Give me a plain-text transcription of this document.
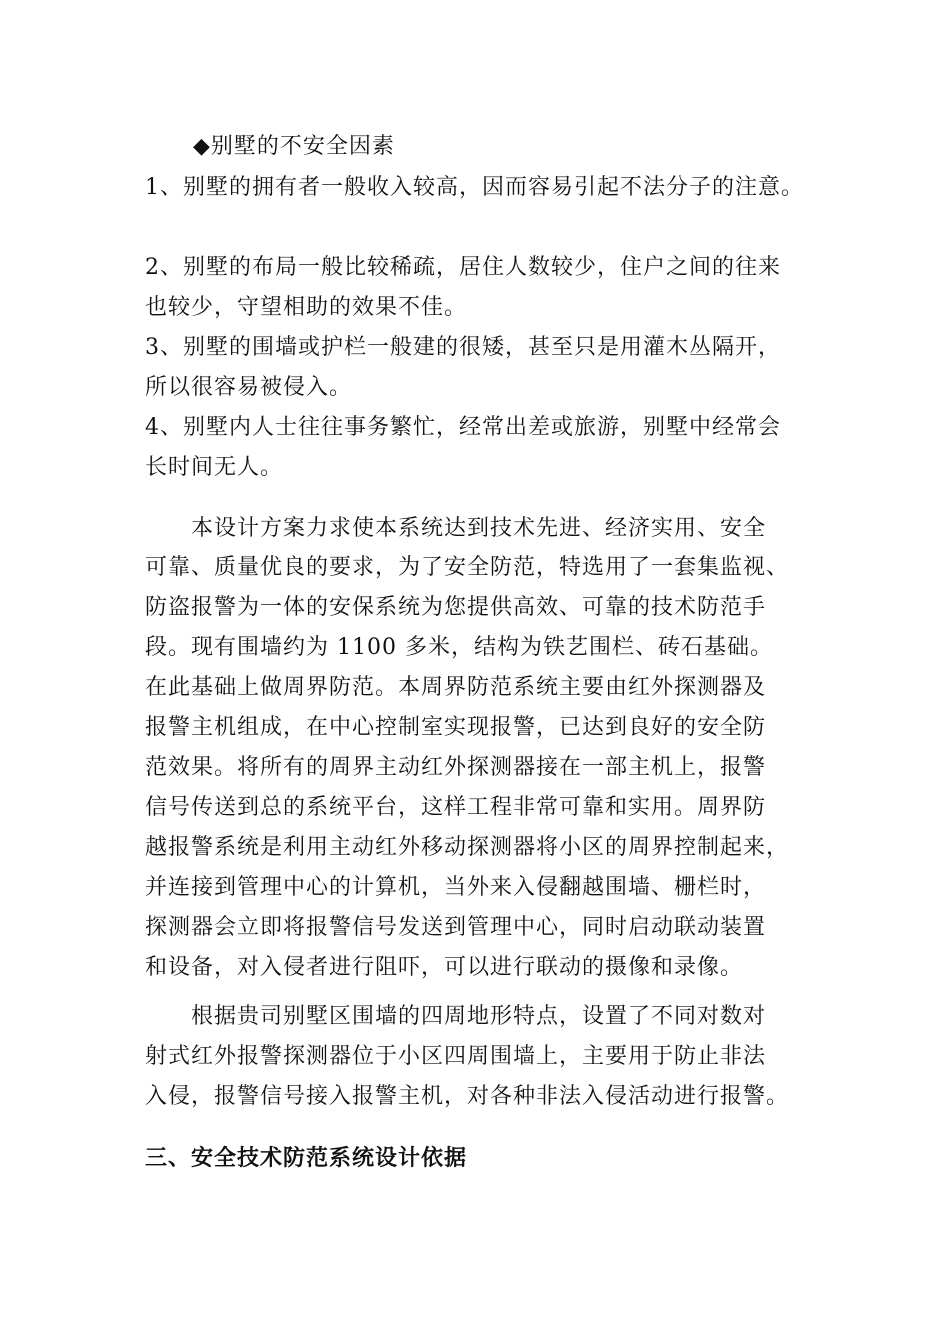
◆别墅的不安全因素
1、别墅的拥有者一般收入较高，因而容易引起不法分子的注意。
2、别墅的布局一般比较稀疏，居住人数较少，住户之间的往来
也较少，守望相助的效果不佳。
3、别墅的围墙或护栏一般建的很矮，甚至只是用灌木丛隔开，
所以很容易被侵入。
4、别墅内人士往往事务繁忙，经常出差或旅游，别墅中经常会
长时间无人。
本设计方案力求使本系统达到技术先进、经济实用、安全
可靠、质量优良的要求，为了安全防范，特选用了一套集监视、
防盗报警为一体的安保系统为您提供高效、可靠的技术防范手
段。现有围墙约为 1100 多米，结构为铁艺围栏、砖石基础。
在此基础上做周界防范。本周界防范系统主要由红外探测器及
报警主机组成，在中心控制室实现报警，已达到良好的安全防
范效果。将所有的周界主动红外探测器接在一部主机上，报警
信号传送到总的系统平台，这样工程非常可靠和实用。周界防
越报警系统是利用主动红外移动探测器将小区的周界控制起来，
并连接到管理中心的计算机，当外来入侵翻越围墙、栅栏时，
探测器会立即将报警信号发送到管理中心，同时启动联动装置
和设备，对入侵者进行阻吓，可以进行联动的摄像和录像。
根据贵司别墅区围墙的四周地形特点，设置了不同对数对
射式红外报警探测器位于小区四周围墙上，主要用于防止非法
入侵，报警信号接入报警主机，对各种非法入侵活动进行报警。
三、安全技术防范系统设计依据
